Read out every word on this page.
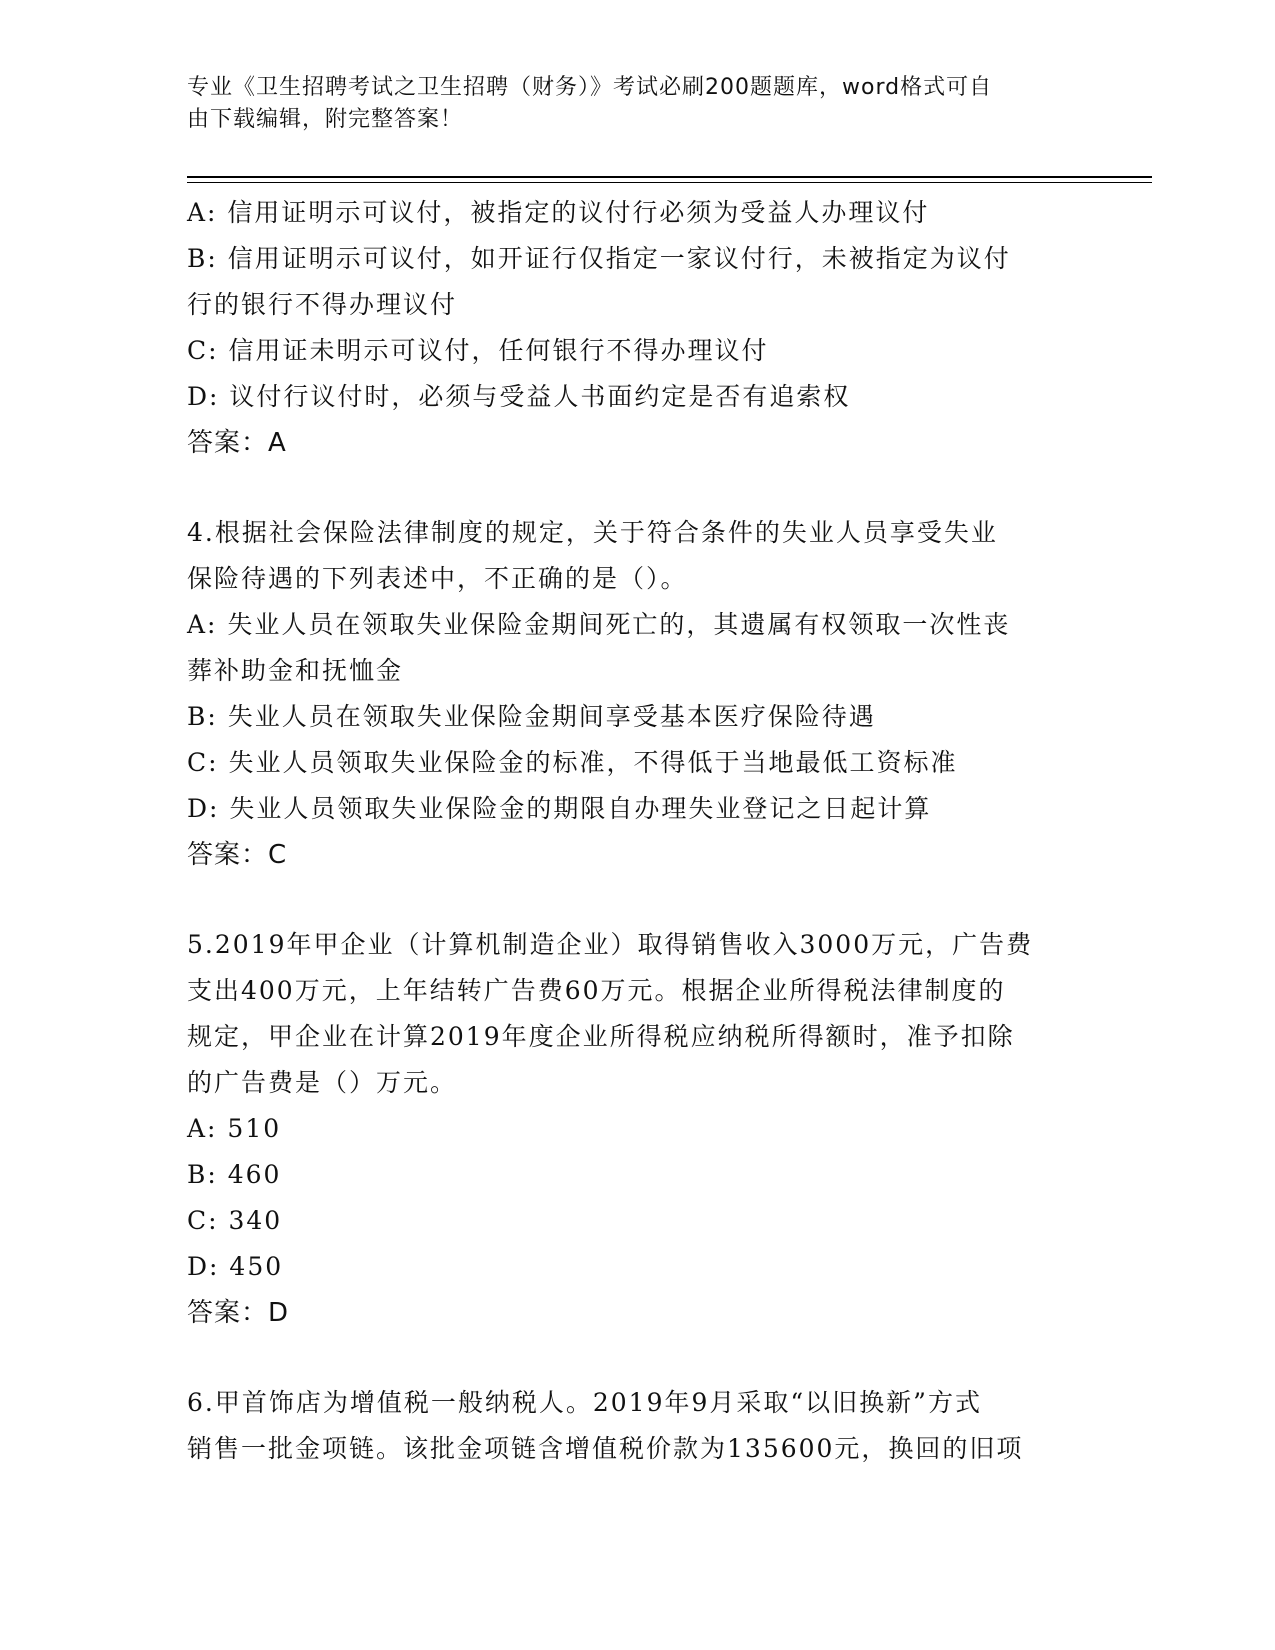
专业《卫生招聘考试之卫生招聘（财务）》考试必刷200题题库，word格式可自
由下载编辑，附完整答案！

A: 信用证明示可议付，被指定的议付行必须为受益人办理议付

B: 信用证明示可议付，如开证行仅指定一家议付行，未被指定为议付

行的银行不得办理议付

C: 信用证未明示可议付，任何银行不得办理议付

D: 议付行议付时，必须与受益人书面约定是否有追索权

答案：A

4.根据社会保险法律制度的规定，关于符合条件的失业人员享受失业

保险待遇的下列表述中，不正确的是（）。

A: 失业人员在领取失业保险金期间死亡的，其遗属有权领取一次性丧

葬补助金和抚恤金

B: 失业人员在领取失业保险金期间享受基本医疗保险待遇

C: 失业人员领取失业保险金的标准，不得低于当地最低工资标准

D: 失业人员领取失业保险金的期限自办理失业登记之日起计算

答案：C

5.2019年甲企业（计算机制造企业）取得销售收入3000万元，广告费

支出400万元，上年结转广告费60万元。根据企业所得税法律制度的

规定，甲企业在计算2019年度企业所得税应纳税所得额时，准予扣除

的广告费是（）万元。

A: 510

B: 460

C: 340

D: 450

答案：D

6.甲首饰店为增值税一般纳税人。2019年9月采取“以旧换新”方式

销售一批金项链。该批金项链含增值税价款为135600元，换回的旧项
